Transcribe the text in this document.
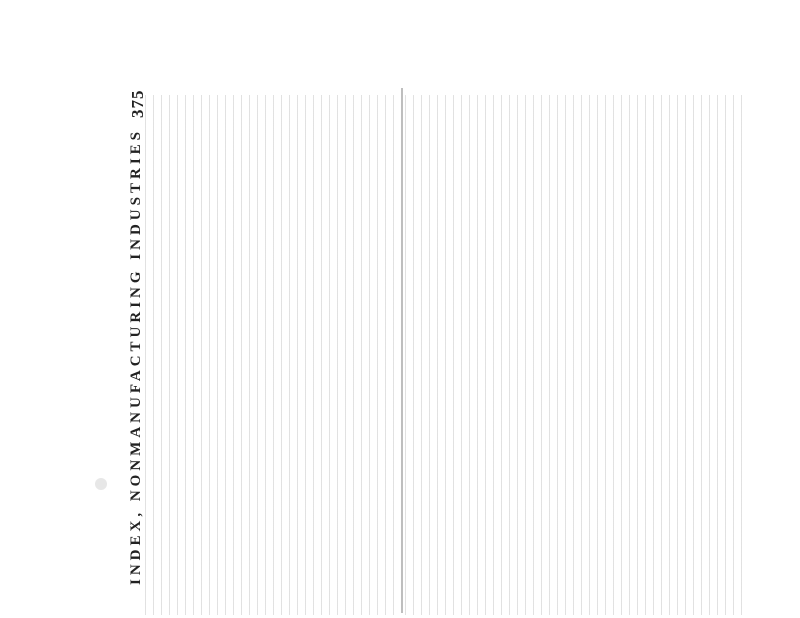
INDEX, NONMANUFACTURING INDUSTRIES
375
